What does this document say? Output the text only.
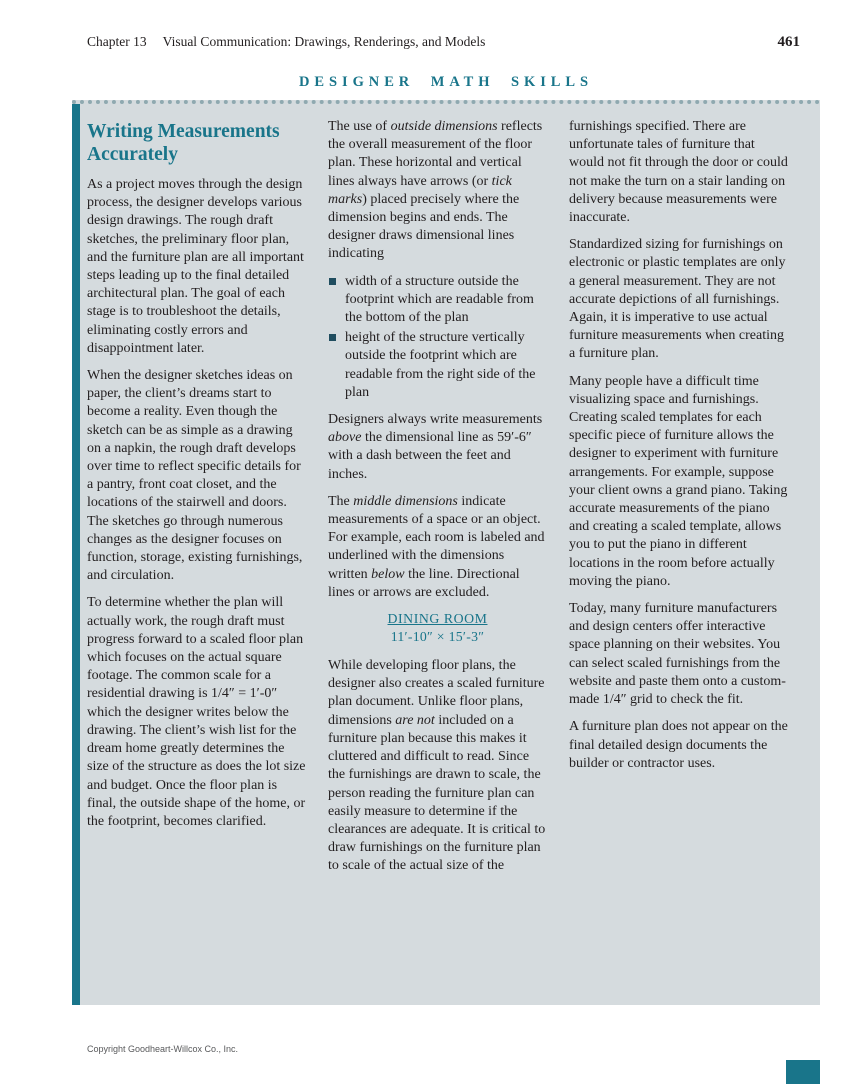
Chapter 13 Visual Communication: Drawings, Renderings, and Models	461
DESIGNER MATH SKILLS
Writing Measurements Accurately

As a project moves through the design process, the designer develops various design drawings. The rough draft sketches, the preliminary floor plan, and the furniture plan are all important steps leading up to the final detailed architectural plan. The goal of each stage is to troubleshoot the details, eliminating costly errors and disappointment later.

When the designer sketches ideas on paper, the client’s dreams start to become a reality. Even though the sketch can be as simple as a drawing on a napkin, the rough draft develops over time to reflect specific details for a pantry, front coat closet, and the locations of the stairwell and doors. The sketches go through numerous changes as the designer focuses on function, storage, existing furnishings, and circulation.

To determine whether the plan will actually work, the rough draft must progress forward to a scaled floor plan which focuses on the actual square footage. The common scale for a residential drawing is 1/4″ = 1′-0″ which the designer writes below the drawing. The client’s wish list for the dream home greatly determines the size of the structure as does the lot size and budget. Once the floor plan is final, the outside shape of the home, or the footprint, becomes clarified.

The use of outside dimensions reflects the overall measurement of the floor plan. These horizontal and vertical lines always have arrows (or tick marks) placed precisely where the dimension begins and ends. The designer draws dimensional lines indicating

width of a structure outside the footprint which are readable from the bottom of the plan
height of the structure vertically outside the footprint which are readable from the right side of the plan

Designers always write measurements above the dimensional line as 59′-6″ with a dash between the feet and inches.

The middle dimensions indicate measurements of a space or an object. For example, each room is labeled and underlined with the dimensions written below the line. Directional lines or arrows are excluded.

DINING ROOM
11′-10″ × 15′-3″

While developing floor plans, the designer also creates a scaled furniture plan document. Unlike floor plans, dimensions are not included on a furniture plan because this makes it cluttered and difficult to read. Since the furnishings are drawn to scale, the person reading the furniture plan can easily measure to determine if the clearances are adequate. It is critical to draw furnishings on the furniture plan to scale of the actual size of the

furnishings specified. There are unfortunate tales of furniture that would not fit through the door or could not make the turn on a stair landing on delivery because measurements were inaccurate.

Standardized sizing for furnishings on electronic or plastic templates are only a general measurement. They are not accurate depictions of all furnishings. Again, it is imperative to use actual furniture measurements when creating a furniture plan.

Many people have a difficult time visualizing space and furnishings. Creating scaled templates for each specific piece of furniture allows the designer to experiment with furniture arrangements. For example, suppose your client owns a grand piano. Taking accurate measurements of the piano and creating a scaled template, allows you to put the piano in different locations in the room before actually moving the piano.

Today, many furniture manufacturers and design centers offer interactive space planning on their websites. You can select scaled furnishings from the website and paste them onto a custom-made 1/4″ grid to check the fit.

A furniture plan does not appear on the final detailed design documents the builder or contractor uses.

Copyright Goodheart-Willcox Co., Inc.
